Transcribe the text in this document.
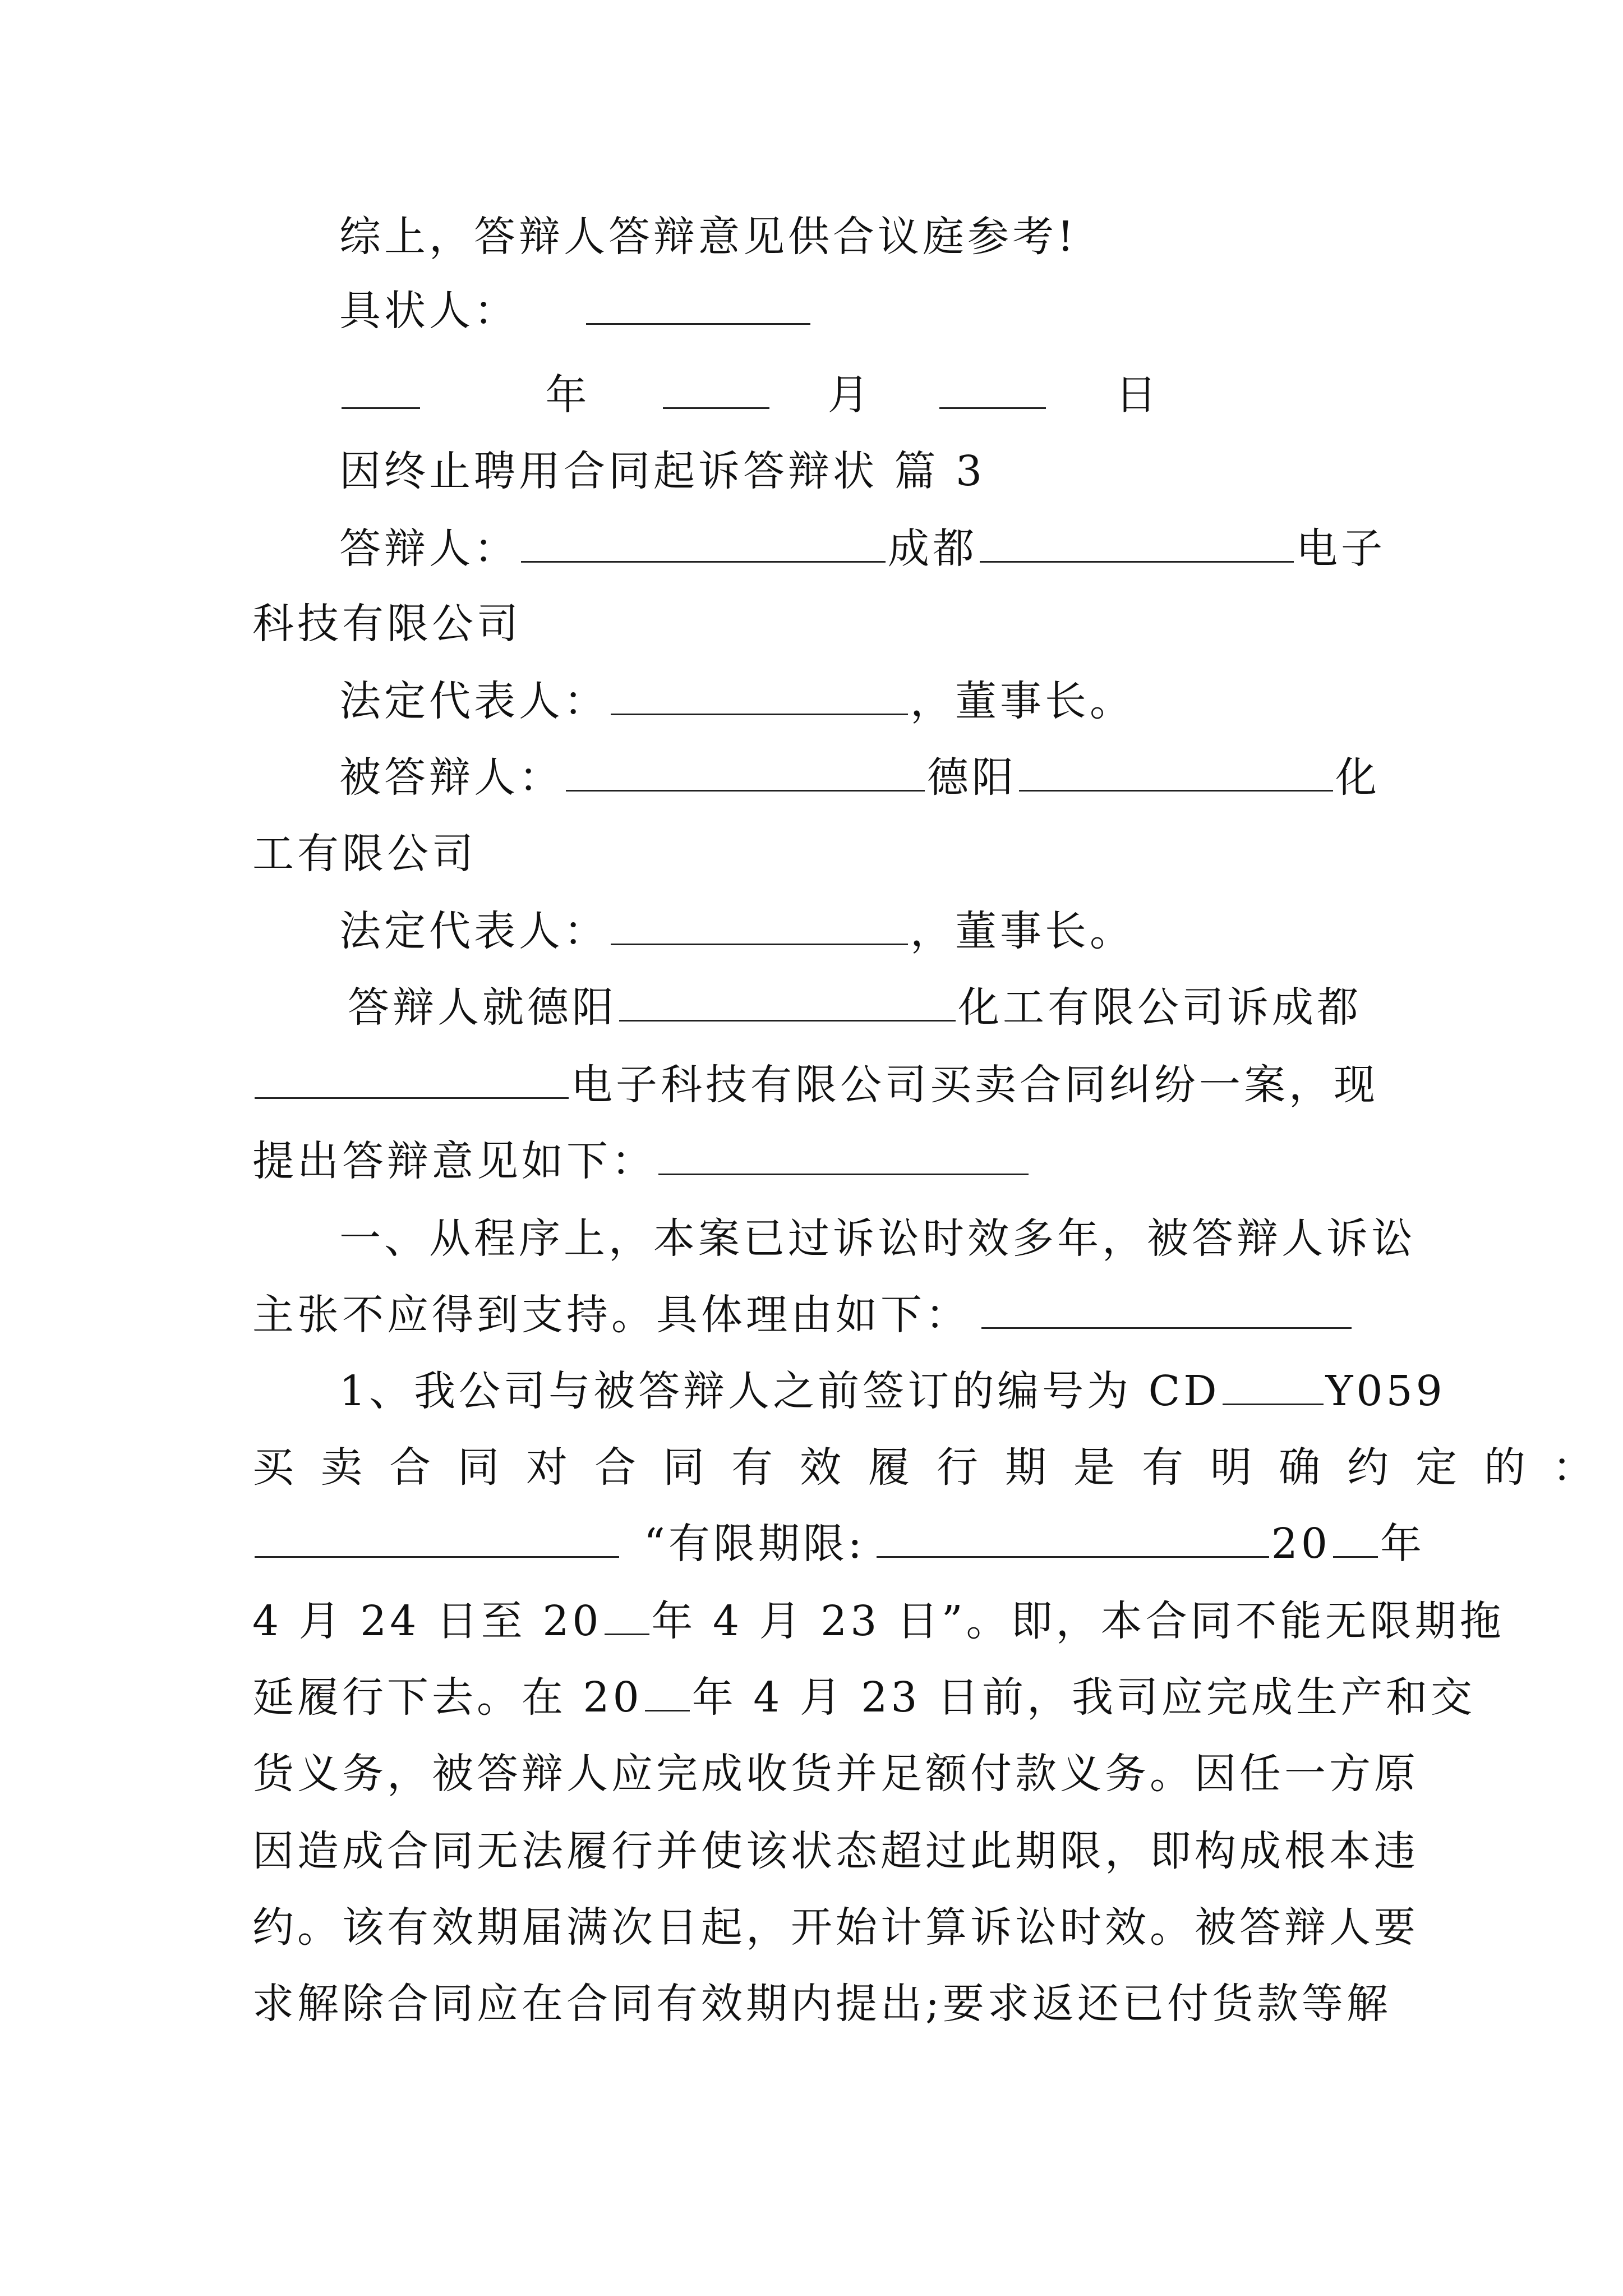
综上，答辩人答辩意见供合议庭参考!
具状人：
年	月	日
因终止聘用合同起诉答辩状 篇 3
答辩人：	成都	电子
科技有限公司
法定代表人：	，董事长。
被答辩人：	德阳	化
工有限公司
法定代表人：	，董事长。
答辩人就德阳	化工有限公司诉成都
电子科技有限公司买卖合同纠纷一案，现
提出答辩意见如下：
一、从程序上，本案已过诉讼时效多年，被答辩人诉讼
主张不应得到支持。具体理由如下：
1、我公司与被答辩人之前签订的编号为 CD	Y059
买卖合同对合同有效履行期是有明确约定的：
“有限期限:	20 年
4 月 24 日至 20 年 4 月 23 日”。即，本合同不能无限期拖
延履行下去。在 20 年 4 月 23 日前，我司应完成生产和交
货义务，被答辩人应完成收货并足额付款义务。因任一方原
因造成合同无法履行并使该状态超过此期限，即构成根本违
约。该有效期届满次日起，开始计算诉讼时效。被答辩人要
求解除合同应在合同有效期内提出;要求返还已付货款等解
